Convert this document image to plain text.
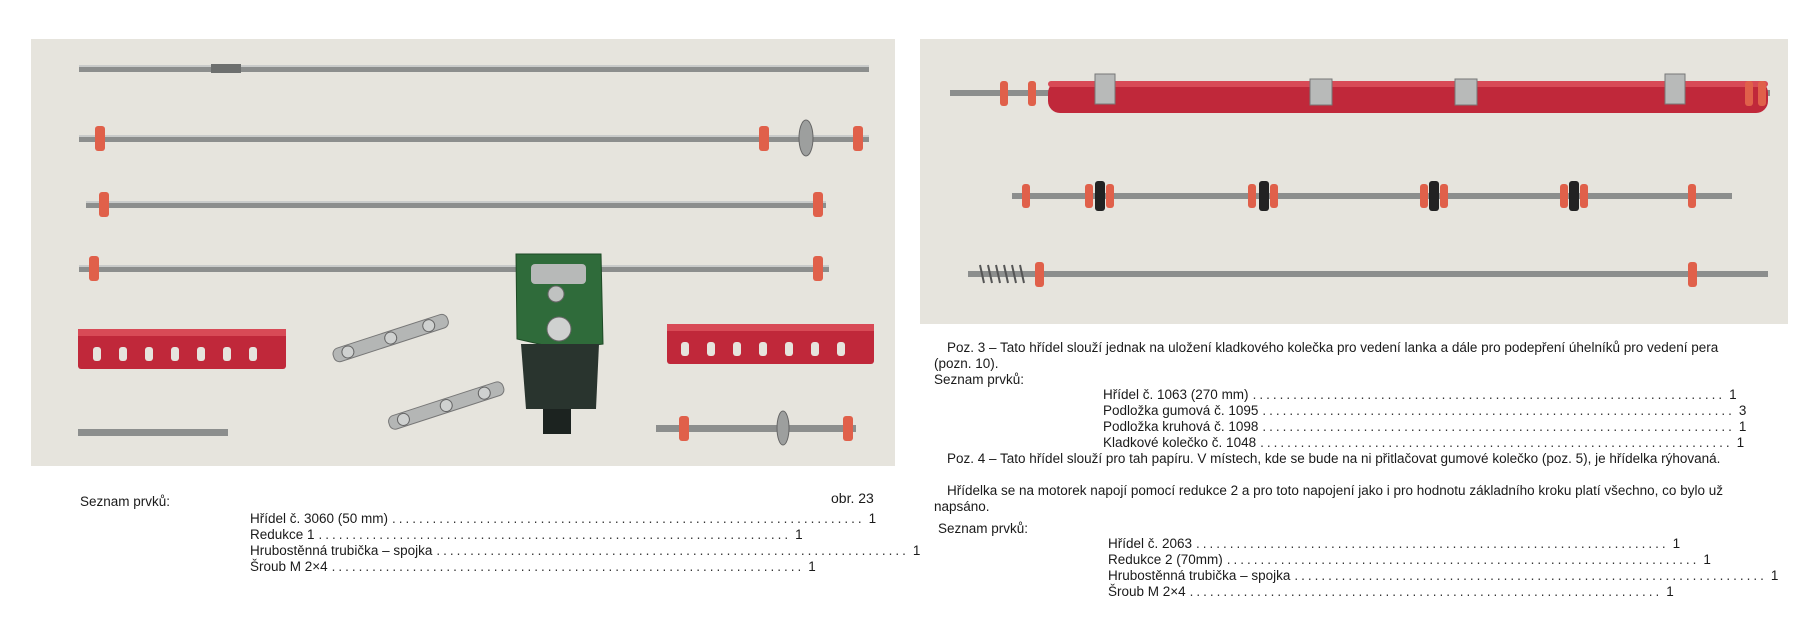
Seznam prvků:	obr. 23
Hřídel č. 3060 (50 mm) ...................................................................... 1
Redukce 1 ...................................................................... 1
Hrubostěnná trubička – spojka ...................................................................... 1
Šroub M 2×4 ...................................................................... 1
Poz. 3 – Tato hřídel slouží jednak na uložení kladkového kolečka pro vedení lanka a dále pro podepření úhelníků pro vedení pera (pozn. 10).
Seznam prvků:
Hřídel č. 1063 (270 mm) ...................................................................... 1
Podložka gumová č. 1095 ...................................................................... 3
Podložka kruhová č. 1098 ...................................................................... 1
Kladkové kolečko č. 1048 ...................................................................... 1
Poz. 4 – Tato hřídel slouží pro tah papíru. V místech, kde se bude na ni přitlačovat gumové kolečko (poz. 5), je hřídelka rýhovaná.
Hřídelka se na motorek napojí pomocí redukce 2 a pro toto napojení jako i pro hodnotu základního kroku platí všechno, co bylo už napsáno.
Seznam prvků:
Hřídel č. 2063 ...................................................................... 1
Redukce 2 (70mm) ...................................................................... 1
Hrubostěnná trubička – spojka ...................................................................... 1
Šroub M 2×4 ...................................................................... 1
